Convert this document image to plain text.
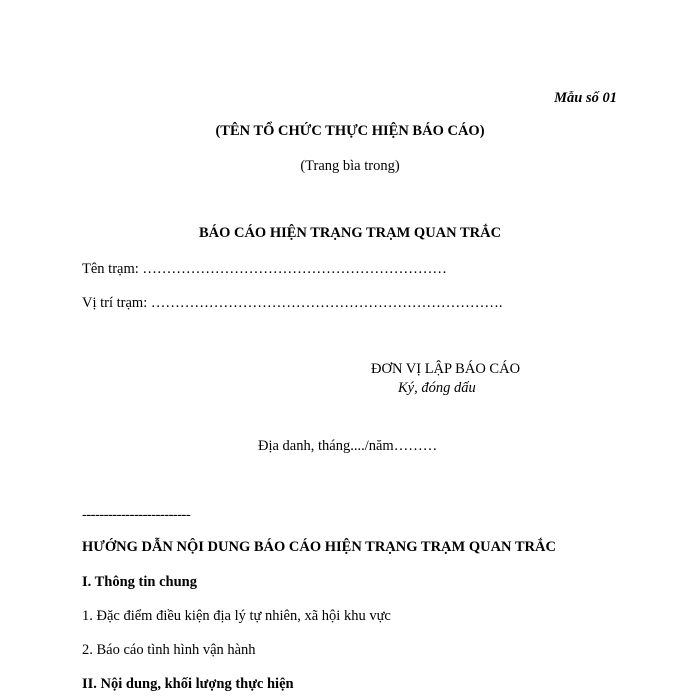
Mẫu số 01
(TÊN TỔ CHỨC THỰC HIỆN BÁO CÁO)
(Trang bìa trong)
BÁO CÁO HIỆN TRẠNG TRẠM QUAN TRẮC
Tên trạm: ………………………………………………………
Vị trí trạm: ……………………………………………………………….
ĐƠN VỊ LẬP BÁO CÁO
Ký, đóng dấu
Địa danh, tháng..../năm………
-------------------------
HƯỚNG DẪN NỘI DUNG BÁO CÁO HIỆN TRẠNG TRẠM QUAN TRẮC
I. Thông tin chung
1. Đặc điểm điều kiện địa lý tự nhiên, xã hội khu vực
2. Báo cáo tình hình vận hành
II. Nội dung, khối lượng thực hiện
